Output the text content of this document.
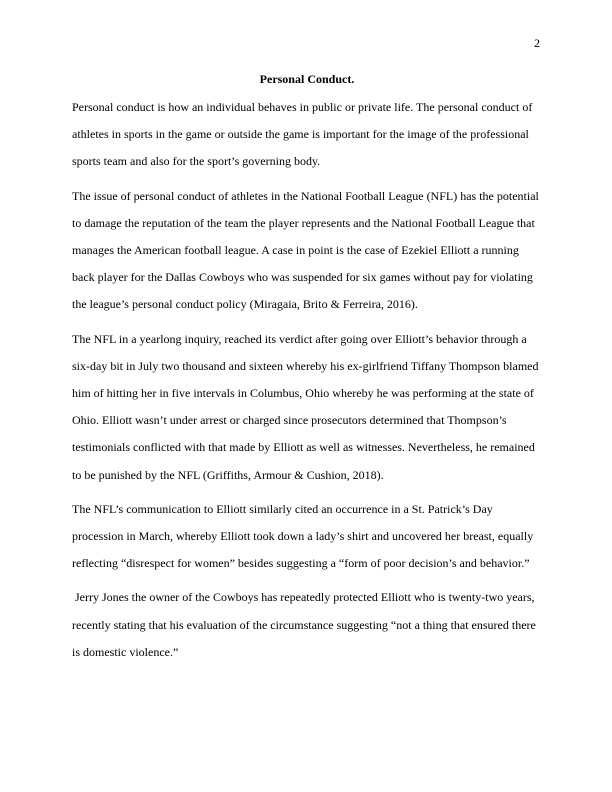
2
Personal Conduct.

Personal conduct is how an individual behaves in public or private life. The personal conduct of athletes in sports in the game or outside the game is important for the image of the professional sports team and also for the sport’s governing body.

The issue of personal conduct of athletes in the National Football League (NFL) has the potential to damage the reputation of the team the player represents and the National Football League that manages the American football league. A case in point is the case of Ezekiel Elliott a running back player for the Dallas Cowboys who was suspended for six games without pay for violating the league’s personal conduct policy (Miragaia, Brito & Ferreira, 2016).

The NFL in a yearlong inquiry, reached its verdict after going over Elliott’s behavior through a six-day bit in July two thousand and sixteen whereby his ex-girlfriend Tiffany Thompson blamed him of hitting her in five intervals in Columbus, Ohio whereby he was performing at the state of Ohio. Elliott wasn’t under arrest or charged since prosecutors determined that Thompson’s testimonials conflicted with that made by Elliott as well as witnesses. Nevertheless, he remained to be punished by the NFL (Griffiths, Armour & Cushion, 2018).

The NFL’s communication to Elliott similarly cited an occurrence in a St. Patrick’s Day procession in March, whereby Elliott took down a lady’s shirt and uncovered her breast, equally reflecting “disrespect for women” besides suggesting a “form of poor decision’s and behavior.”

Jerry Jones the owner of the Cowboys has repeatedly protected Elliott who is twenty-two years, recently stating that his evaluation of the circumstance suggesting “not a thing that ensured there is domestic violence.”
